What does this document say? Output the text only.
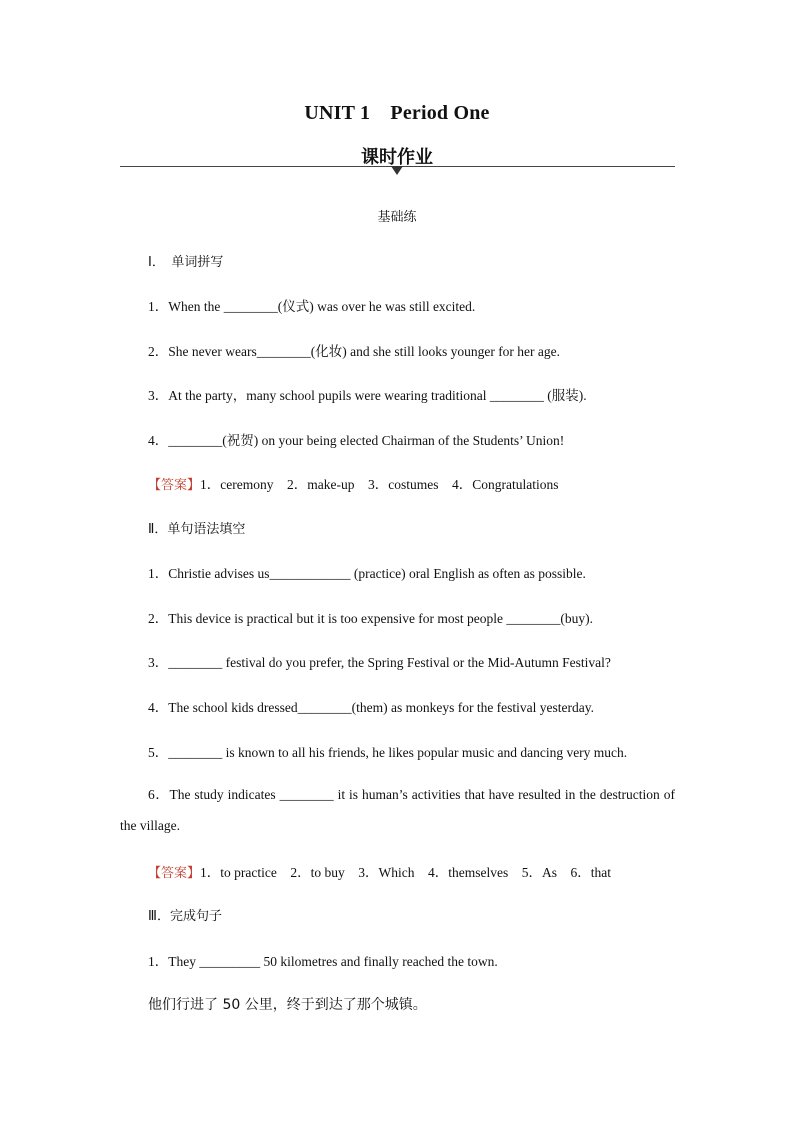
UNIT 1　Period One
课时作业
基础练
Ⅰ．　单词拼写
1．When the ________(仪式) was over he was still excited.
2．She never wears________(化妆) and she still looks younger for her age.
3．At the party，many school pupils were wearing traditional ________ (服装).
4．________(祝贺) on your being elected Chairman of the Students’ Union!
【答案】1．ceremony　2．make-up　3．costumes　4．Congratulations
Ⅱ．单句语法填空
1．Christie advises us____________ (practice) oral English as often as possible.
2．This device is practical but it is too expensive for most people ________(buy).
3．________ festival do you prefer, the Spring Festival or the Mid-Autumn Festival?
4．The school kids dressed________(them) as monkeys for the festival yesterday.
5．________ is known to all his friends, he likes popular music and dancing very much.
6．The study indicates ________ it is human’s activities that have resulted in the destruction of the village.
【答案】1．to practice　2．to buy　3．Which　4．themselves　5．As　6．that
Ⅲ．完成句子
1．They _________ 50 kilometres and finally reached the town.
他们行进了 50 公里，终于到达了那个城镇。
